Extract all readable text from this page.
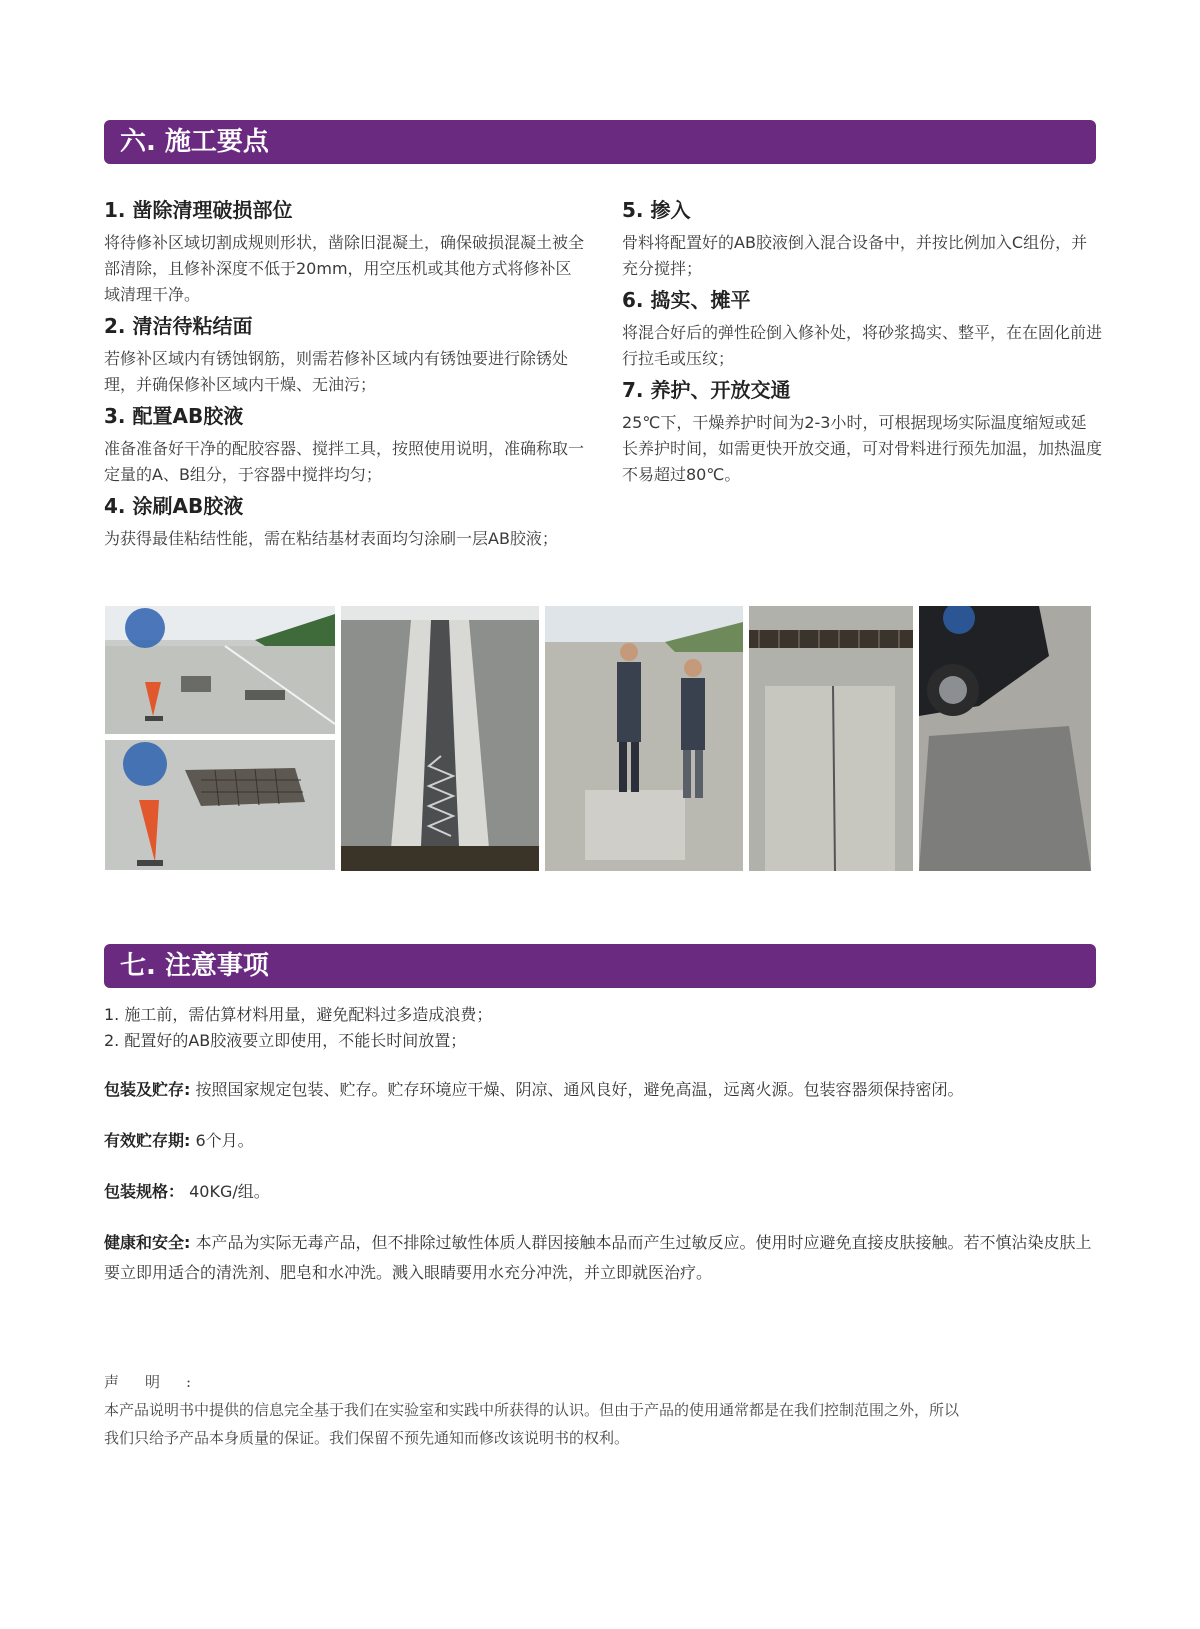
六. 施工要点
1. 凿除清理破损部位
将待修补区域切割成规则形状，凿除旧混凝土，确保破损混凝土被全部清除，且修补深度不低于20mm，用空压机或其他方式将修补区域清理干净。
2. 清洁待粘结面
若修补区域内有锈蚀钢筋，则需若修补区域内有锈蚀要进行除锈处理，并确保修补区域内干燥、无油污；
3. 配置AB胶液
准备准备好干净的配胶容器、搅拌工具，按照使用说明，准确称取一定量的A、B组分，于容器中搅拌均匀；
4. 涂刷AB胶液
为获得最佳粘结性能，需在粘结基材表面均匀涂刷一层AB胶液；
5. 掺入
骨料将配置好的AB胶液倒入混合设备中，并按比例加入C组份，并充分搅拌；
6. 捣实、摊平
将混合好后的弹性砼倒入修补处，将砂浆捣实、整平，在在固化前进行拉毛或压纹；
7. 养护、开放交通
25℃下，干燥养护时间为2-3小时，可根据现场实际温度缩短或延长养护时间，如需更快开放交通，可对骨料进行预先加温，加热温度不易超过80℃。
七. 注意事项
1. 施工前，需估算材料用量，避免配料过多造成浪费；
2. 配置好的AB胶液要立即使用，不能长时间放置；
包装及贮存: 按照国家规定包装、贮存。贮存环境应干燥、阴凉、通风良好，避免高温，远离火源。包装容器须保持密闭。
有效贮存期: 6个月。
包装规格： 40KG/组。
健康和安全: 本产品为实际无毒产品，但不排除过敏性体质人群因接触本品而产生过敏反应。使用时应避免直接皮肤接触。若不慎沾染皮肤上要立即用适合的清洗剂、肥皂和水冲洗。溅入眼睛要用水充分冲洗，并立即就医治疗。
声明:
本产品说明书中提供的信息完全基于我们在实验室和实践中所获得的认识。但由于产品的使用通常都是在我们控制范围之外，所以
我们只给予产品本身质量的保证。我们保留不预先通知而修改该说明书的权利。
